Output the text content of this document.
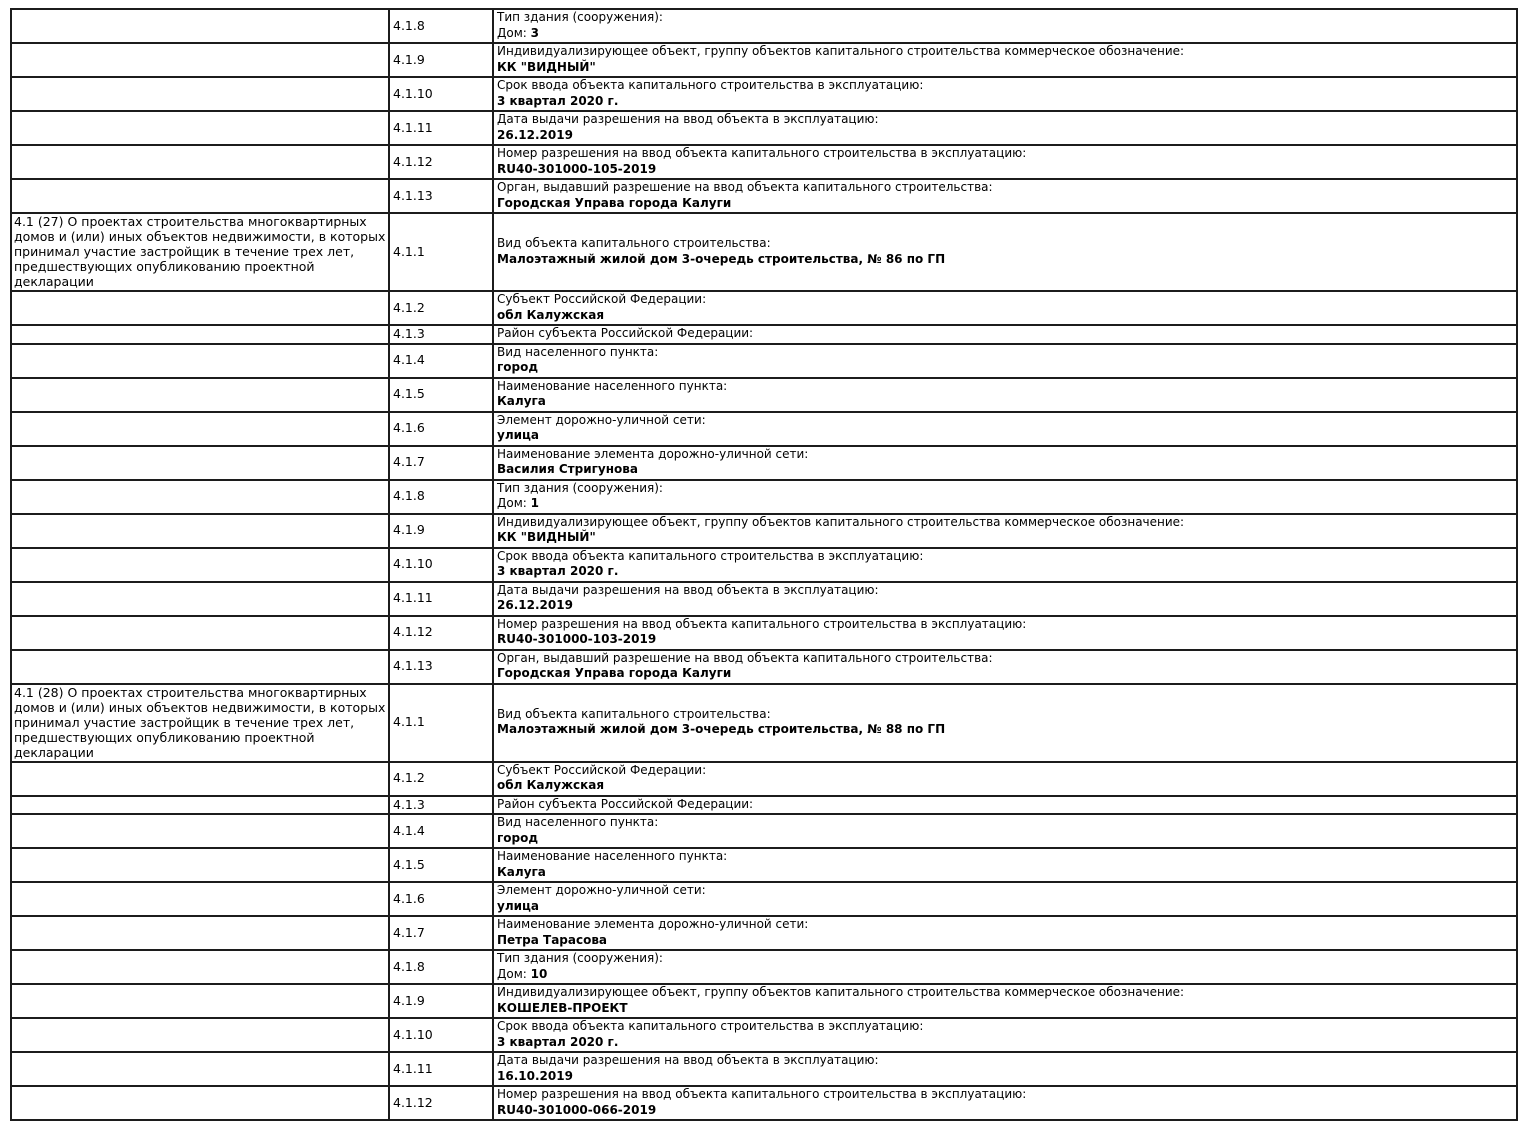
	4.1.8	Тип здания (сооружения):
Дом: 3

	4.1.9	Индивидуализирующее объект, группу объектов капитального строительства коммерческое обозначение:
КК "ВИДНЫЙ"

	4.1.10	Срок ввода объекта капитального строительства в эксплуатацию:
3 квартал 2020 г.

	4.1.11	Дата выдачи разрешения на ввод объекта в эксплуатацию:
26.12.2019

	4.1.12	Номер разрешения на ввод объекта капитального строительства в эксплуатацию:
RU40-301000-105-2019

	4.1.13	Орган, выдавший разрешение на ввод объекта капитального строительства:
Городская Управа города Калуги

4.1 (27) О проектах строительства многоквартирных домов и (или) иных объектов недвижимости, в которых принимал участие застройщик в течение трех лет, предшествующих опубликованию проектной декларации	4.1.1	Вид объекта капитального строительства:
Малоэтажный жилой дом 3-очередь строительства, № 86 по ГП

	4.1.2	Субъект Российской Федерации:
обл Калужская

	4.1.3	Район субъекта Российской Федерации:

	4.1.4	Вид населенного пункта:
город

	4.1.5	Наименование населенного пункта:
Калуга

	4.1.6	Элемент дорожно-уличной сети:
улица

	4.1.7	Наименование элемента дорожно-уличной сети:
Василия Стригунова

	4.1.8	Тип здания (сооружения):
Дом: 1

	4.1.9	Индивидуализирующее объект, группу объектов капитального строительства коммерческое обозначение:
КК "ВИДНЫЙ"

	4.1.10	Срок ввода объекта капитального строительства в эксплуатацию:
3 квартал 2020 г.

	4.1.11	Дата выдачи разрешения на ввод объекта в эксплуатацию:
26.12.2019

	4.1.12	Номер разрешения на ввод объекта капитального строительства в эксплуатацию:
RU40-301000-103-2019

	4.1.13	Орган, выдавший разрешение на ввод объекта капитального строительства:
Городская Управа города Калуги

4.1 (28) О проектах строительства многоквартирных домов и (или) иных объектов недвижимости, в которых принимал участие застройщик в течение трех лет, предшествующих опубликованию проектной декларации	4.1.1	Вид объекта капитального строительства:
Малоэтажный жилой дом 3-очередь строительства, № 88 по ГП

	4.1.2	Субъект Российской Федерации:
обл Калужская

	4.1.3	Район субъекта Российской Федерации:

	4.1.4	Вид населенного пункта:
город

	4.1.5	Наименование населенного пункта:
Калуга

	4.1.6	Элемент дорожно-уличной сети:
улица

	4.1.7	Наименование элемента дорожно-уличной сети:
Петра Тарасова

	4.1.8	Тип здания (сооружения):
Дом: 10

	4.1.9	Индивидуализирующее объект, группу объектов капитального строительства коммерческое обозначение:
КОШЕЛЕВ-ПРОЕКТ

	4.1.10	Срок ввода объекта капитального строительства в эксплуатацию:
3 квартал 2020 г.

	4.1.11	Дата выдачи разрешения на ввод объекта в эксплуатацию:
16.10.2019

	4.1.12	Номер разрешения на ввод объекта капитального строительства в эксплуатацию:
RU40-301000-066-2019
